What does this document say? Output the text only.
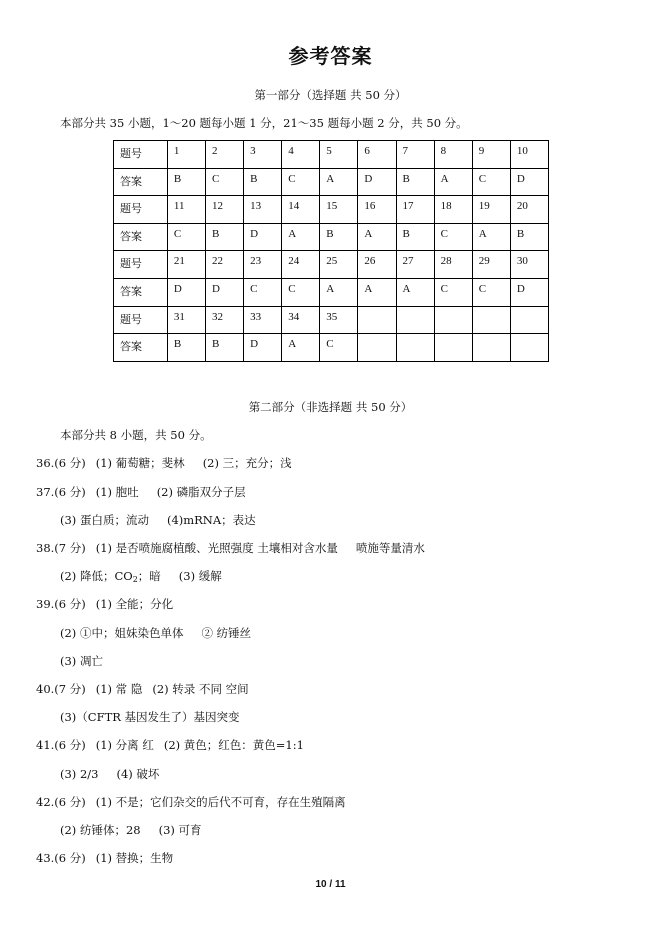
参考答案
第一部分（选择题 共 50 分）
本部分共 35 小题，1～20 题每小题 1 分，21～35 题每小题 2 分，共 50 分。
题号	1	2	3	4	5	6	7	8	9	10
答案	B	C	B	C	A	D	B	A	C	D
题号	11	12	13	14	15	16	17	18	19	20
答案	C	B	D	A	B	A	B	C	A	B
题号	21	22	23	24	25	26	27	28	29	30
答案	D	D	C	C	A	A	A	C	C	D
题号	31	32	33	34	35					
答案	B	B	D	A	C					
第二部分（非选择题 共 50 分）
本部分共 8 小题，共 50 分。
36.(6 分) (1) 葡萄糖；斐林 (2) 三；充分；浅
37.(6 分) (1) 胞吐 (2) 磷脂双分子层
(3) 蛋白质；流动 (4)mRNA；表达
38.(7 分) (1) 是否喷施腐植酸、光照强度 土壤相对含水量 喷施等量清水
(2) 降低；$CO_2$；暗 (3) 缓解
39.(6 分) (1) 全能；分化
(2) ①中；姐妹染色单体 ② 纺锤丝
(3) 凋亡
40.(7 分) (1) 常 隐 (2) 转录 不同 空间
(3)（CFTR 基因发生了）基因突变
41.(6 分) (1) 分离 红 (2) 黄色；红色：黄色=1:1
(3) 2/3 (4) 破坏
42.(6 分) (1) 不是；它们杂交的后代不可育，存在生殖隔离
(2) 纺锤体；28 (3) 可育
43.(6 分) (1) 替换；生物
10 / 11
